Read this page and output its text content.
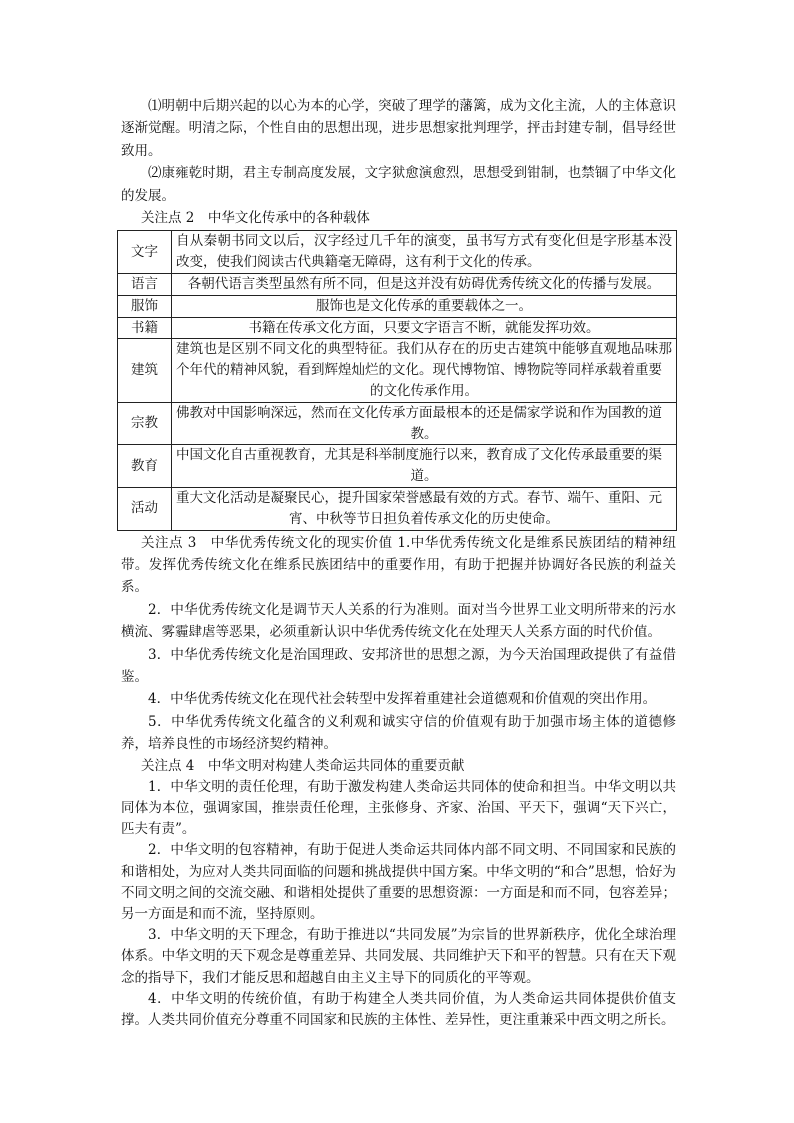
⑴明朝中后期兴起的以心为本的心学，突破了理学的藩篱，成为文化主流，人的主体意识逐渐觉醒。明清之际，个性自由的思想出现，进步思想家批判理学，抨击封建专制，倡导经世致用。

⑵康雍乾时期，君主专制高度发展，文字狱愈演愈烈，思想受到钳制，也禁锢了中华文化的发展。

关注点 2　中华文化传承中的各种载体

文字	自从秦朝书同文以后，汉字经过几千年的演变，虽书写方式有变化但是字形基本没改变，使我们阅读古代典籍毫无障碍，这有利于文化的传承。
语言	各朝代语言类型虽然有所不同，但是这并没有妨碍优秀传统文化的传播与发展。
服饰	服饰也是文化传承的重要载体之一。
书籍	书籍在传承文化方面，只要文字语言不断，就能发挥功效。
建筑	建筑也是区别不同文化的典型特征。我们从存在的历史古建筑中能够直观地品味那个年代的精神风貌，看到辉煌灿烂的文化。现代博物馆、博物院等同样承载着重要
的文化传承作用。

宗教	佛教对中国影响深远，然而在文化传承方面最根本的还是儒家学说和作为国教的道
教。

教育	中国文化自古重视教育，尤其是科举制度施行以来，教育成了文化传承最重要的渠
道。

活动	重大文化活动是凝聚民心，提升国家荣誉感最有效的方式。春节、端午、重阳、元
宵、中秋等节日担负着传承文化的历史使命。

关注点 3　中华优秀传统文化的现实价值 1.中华优秀传统文化是维系民族团结的精神纽带。发挥优秀传统文化在维系民族团结中的重要作用，有助于把握并协调好各民族的利益关系。

2．中华优秀传统文化是调节天人关系的行为准则。面对当今世界工业文明所带来的污水横流、雾霾肆虐等恶果，必须重新认识中华优秀传统文化在处理天人关系方面的时代价值。

3．中华优秀传统文化是治国理政、安邦济世的思想之源，为今天治国理政提供了有益借鉴。

4．中华优秀传统文化在现代社会转型中发挥着重建社会道德观和价值观的突出作用。

5．中华优秀传统文化蕴含的义利观和诚实守信的价值观有助于加强市场主体的道德修养，培养良性的市场经济契约精神。

关注点 4　中华文明对构建人类命运共同体的重要贡献

1．中华文明的责任伦理，有助于激发构建人类命运共同体的使命和担当。中华文明以共同体为本位，强调家国，推崇责任伦理，主张修身、齐家、治国、平天下，强调“天下兴亡，匹夫有责”。

2．中华文明的包容精神，有助于促进人类命运共同体内部不同文明、不同国家和民族的和谐相处，为应对人类共同面临的问题和挑战提供中国方案。中华文明的“和合”思想，恰好为不同文明之间的交流交融、和谐相处提供了重要的思想资源：一方面是和而不同，包容差异；另一方面是和而不流，坚持原则。

3．中华文明的天下理念，有助于推进以“共同发展”为宗旨的世界新秩序，优化全球治理体系。中华文明的天下观念是尊重差异、共同发展、共同维护天下和平的智慧。只有在天下观念的指导下，我们才能反思和超越自由主义主导下的同质化的平等观。

4．中华文明的传统价值，有助于构建全人类共同价值，为人类命运共同体提供价值支撑。人类共同价值充分尊重不同国家和民族的主体性、差异性，更注重兼采中西文明之所长。
